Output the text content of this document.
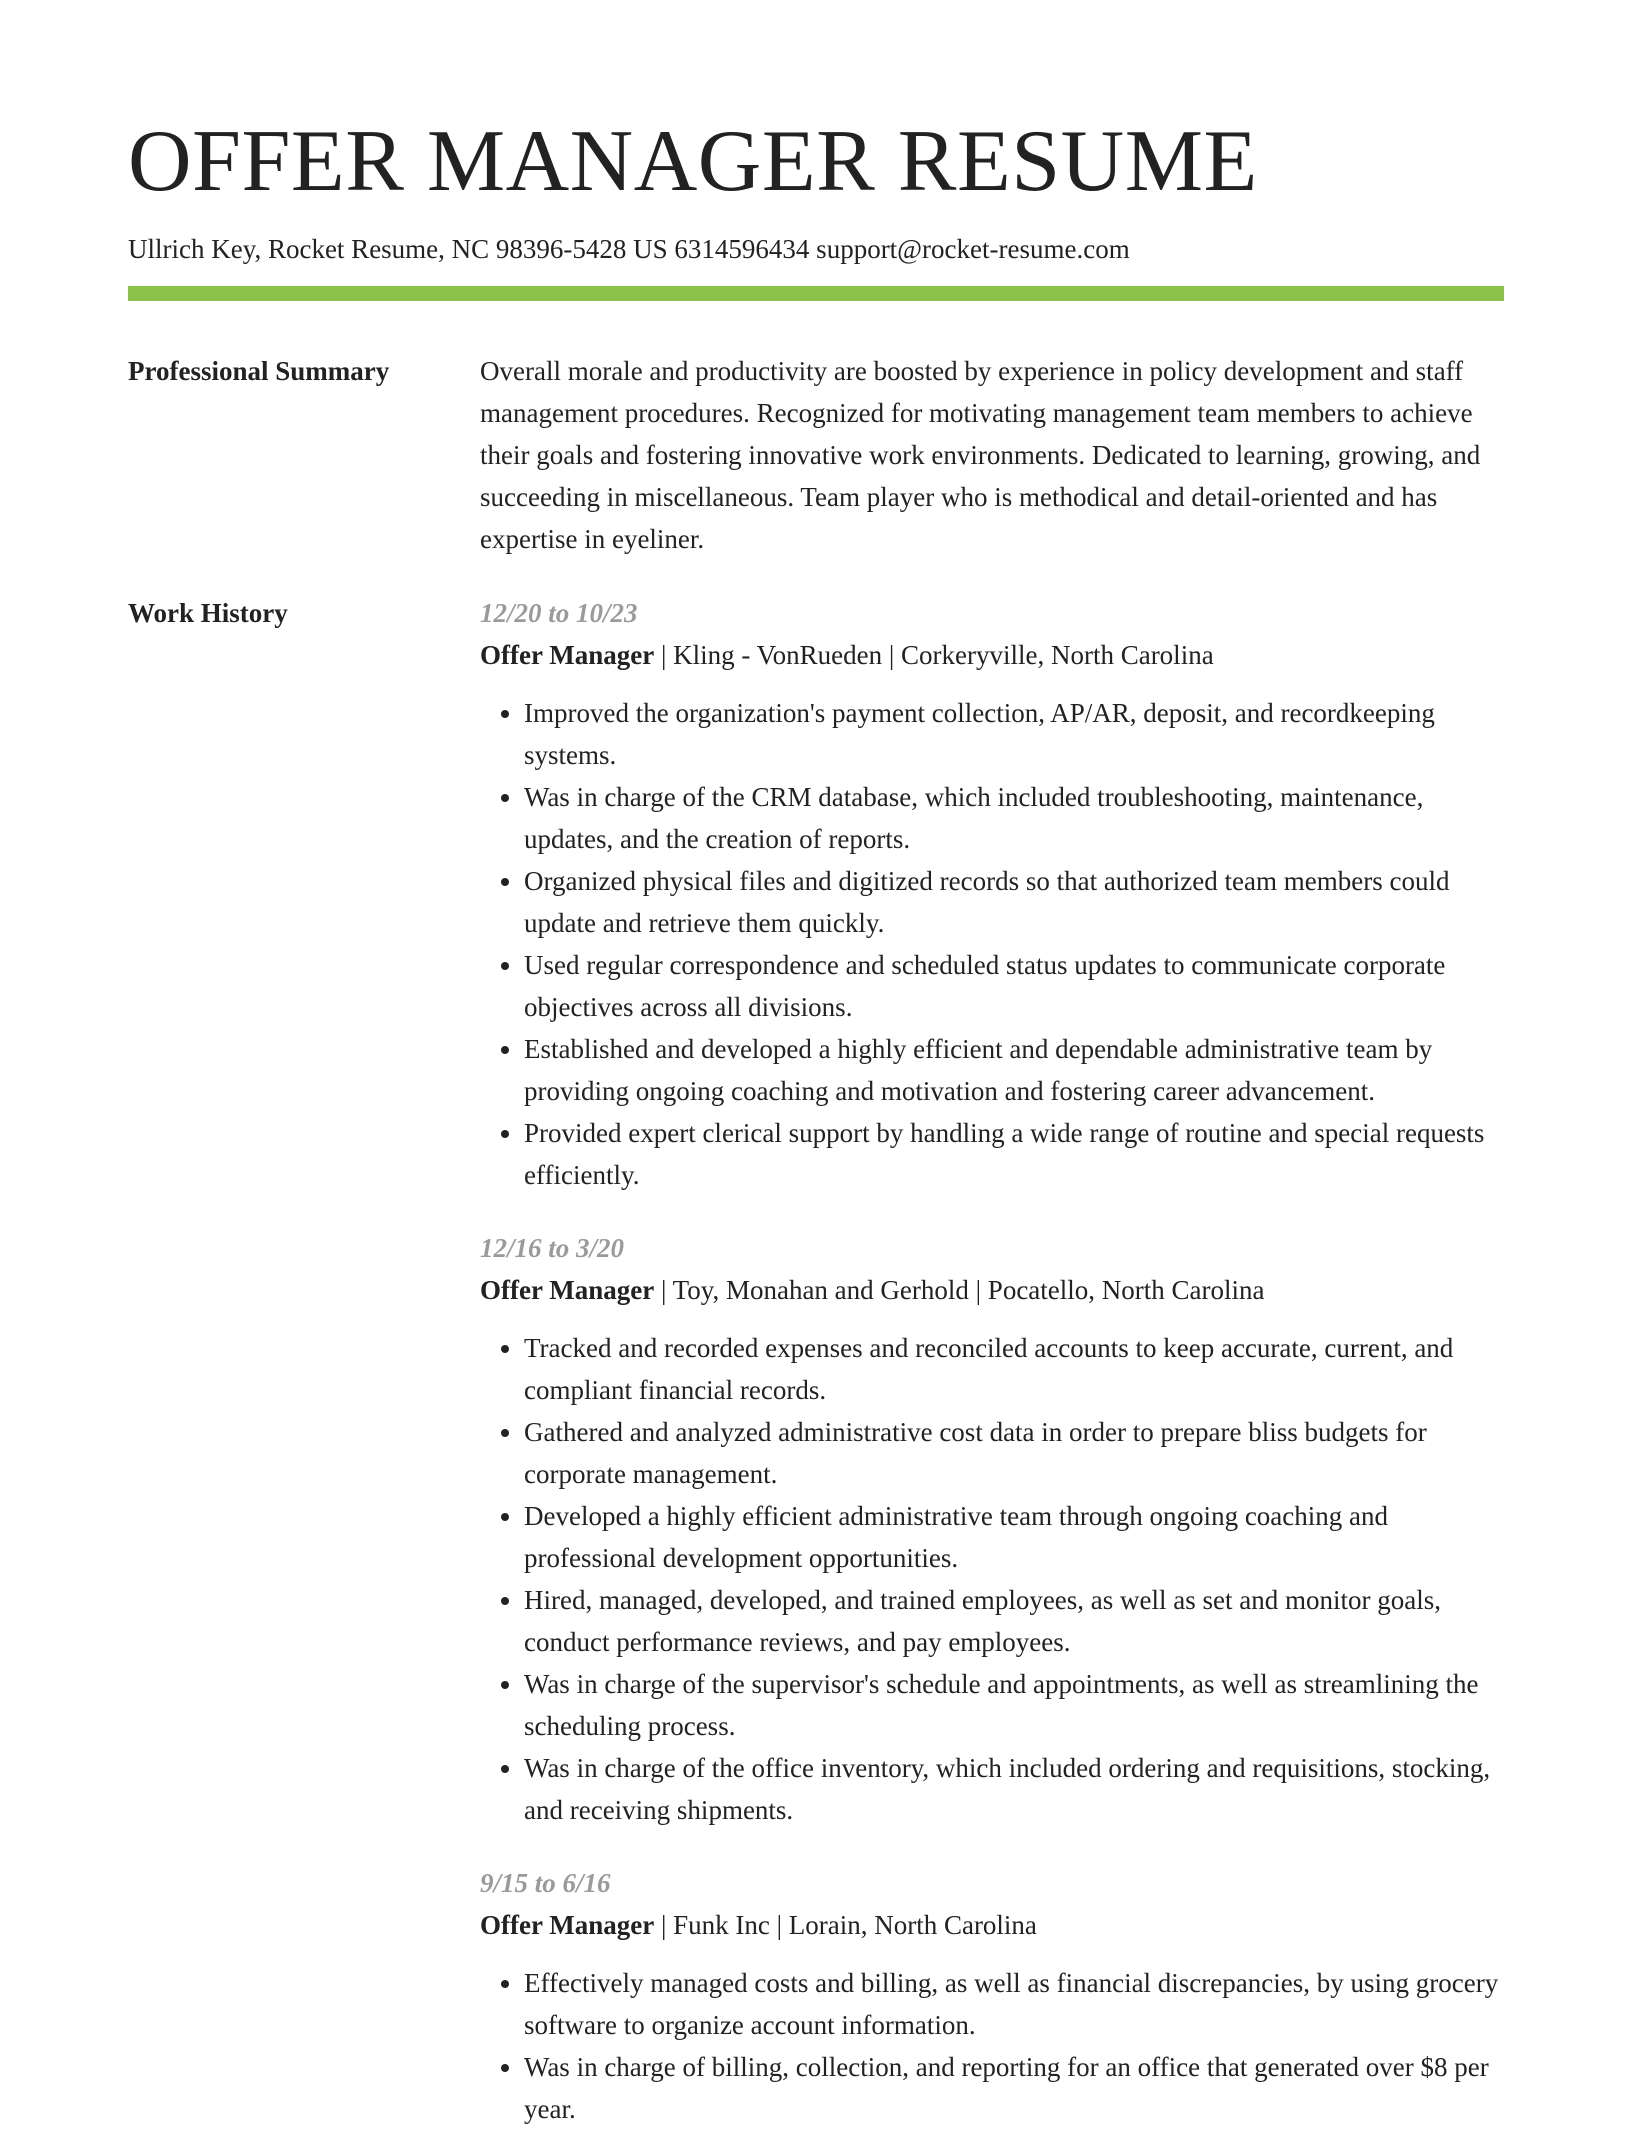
OFFER MANAGER RESUME
Ullrich Key, Rocket Resume, NC 98396-5428 US 6314596434 support@rocket-resume.com
Professional Summary	Overall morale and productivity are boosted by experience in policy development and staff management procedures. Recognized for motivating management team members to achieve their goals and fostering innovative work environments. Dedicated to learning, growing, and succeeding in miscellaneous. Team player who is methodical and detail-oriented and has expertise in eyeliner.

Work History	12/20 to 10/23
Offer Manager | Kling - VonRueden | Corkeryville, North Carolina
• Improved the organization's payment collection, AP/AR, deposit, and recordkeeping systems.
• Was in charge of the CRM database, which included troubleshooting, maintenance, updates, and the creation of reports.
• Organized physical files and digitized records so that authorized team members could update and retrieve them quickly.
• Used regular correspondence and scheduled status updates to communicate corporate objectives across all divisions.
• Established and developed a highly efficient and dependable administrative team by providing ongoing coaching and motivation and fostering career advancement.
• Provided expert clerical support by handling a wide range of routine and special requests efficiently.
12/16 to 3/20
Offer Manager | Toy, Monahan and Gerhold | Pocatello, North Carolina
• Tracked and recorded expenses and reconciled accounts to keep accurate, current, and compliant financial records.
• Gathered and analyzed administrative cost data in order to prepare bliss budgets for corporate management.
• Developed a highly efficient administrative team through ongoing coaching and professional development opportunities.
• Hired, managed, developed, and trained employees, as well as set and monitor goals, conduct performance reviews, and pay employees.
• Was in charge of the supervisor's schedule and appointments, as well as streamlining the scheduling process.
• Was in charge of the office inventory, which included ordering and requisitions, stocking, and receiving shipments.
9/15 to 6/16
Offer Manager | Funk Inc | Lorain, North Carolina
• Effectively managed costs and billing, as well as financial discrepancies, by using grocery software to organize account information.
• Was in charge of billing, collection, and reporting for an office that generated over $8 per year.
